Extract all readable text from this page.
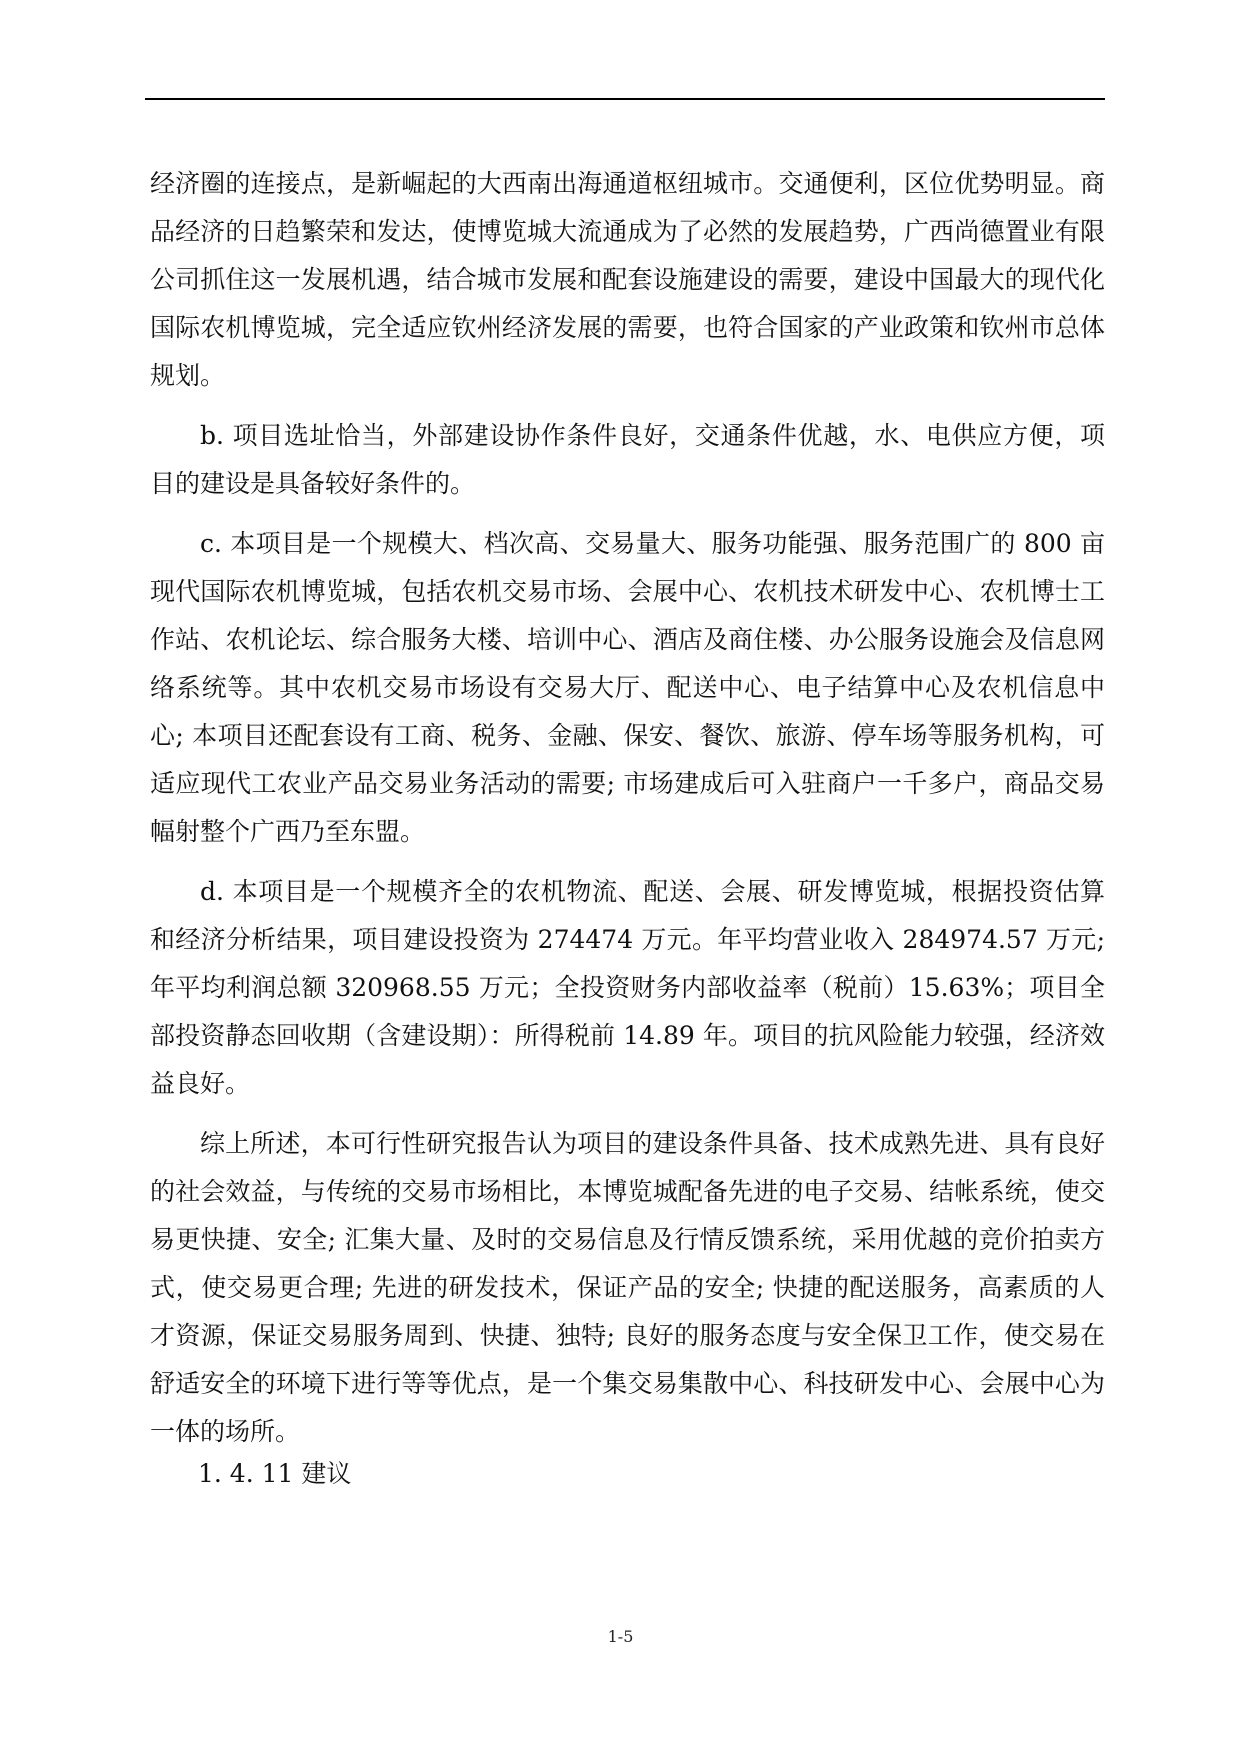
经济圈的连接点，是新崛起的大西南出海通道枢纽城市。交通便利，区位优势明显。商品经济的日趋繁荣和发达，使博览城大流通成为了必然的发展趋势，广西尚德置业有限公司抓住这一发展机遇，结合城市发展和配套设施建设的需要，建设中国最大的现代化国际农机博览城，完全适应钦州经济发展的需要，也符合国家的产业政策和钦州市总体规划。

b. 项目选址恰当，外部建设协作条件良好，交通条件优越，水、电供应方便，项目的建设是具备较好条件的。

c. 本项目是一个规模大、档次高、交易量大、服务功能强、服务范围广的 800 亩现代国际农机博览城，包括农机交易市场、会展中心、农机技术研发中心、农机博士工作站、农机论坛、综合服务大楼、培训中心、酒店及商住楼、办公服务设施会及信息网络系统等。其中农机交易市场设有交易大厅、配送中心、电子结算中心及农机信息中心; 本项目还配套设有工商、税务、金融、保安、餐饮、旅游、停车场等服务机构，可适应现代工农业产品交易业务活动的需要; 市场建成后可入驻商户一千多户，商品交易幅射整个广西乃至东盟。

d. 本项目是一个规模齐全的农机物流、配送、会展、研发博览城，根据投资估算和经济分析结果，项目建设投资为 274474 万元。年平均营业收入 284974.57 万元; 年平均利润总额 320968.55 万元；全投资财务内部收益率（税前）15.63%；项目全部投资静态回收期（含建设期）：所得税前 14.89 年。项目的抗风险能力较强，经济效益良好。

综上所述，本可行性研究报告认为项目的建设条件具备、技术成熟先进、具有良好的社会效益，与传统的交易市场相比，本博览城配备先进的电子交易、结帐系统，使交易更快捷、安全; 汇集大量、及时的交易信息及行情反馈系统，采用优越的竞价拍卖方式，使交易更合理; 先进的研发技术，保证产品的安全; 快捷的配送服务，高素质的人才资源，保证交易服务周到、快捷、独特; 良好的服务态度与安全保卫工作，使交易在舒适安全的环境下进行等等优点，是一个集交易集散中心、科技研发中心、会展中心为一体的场所。

1. 4. 11 建议
1-5
